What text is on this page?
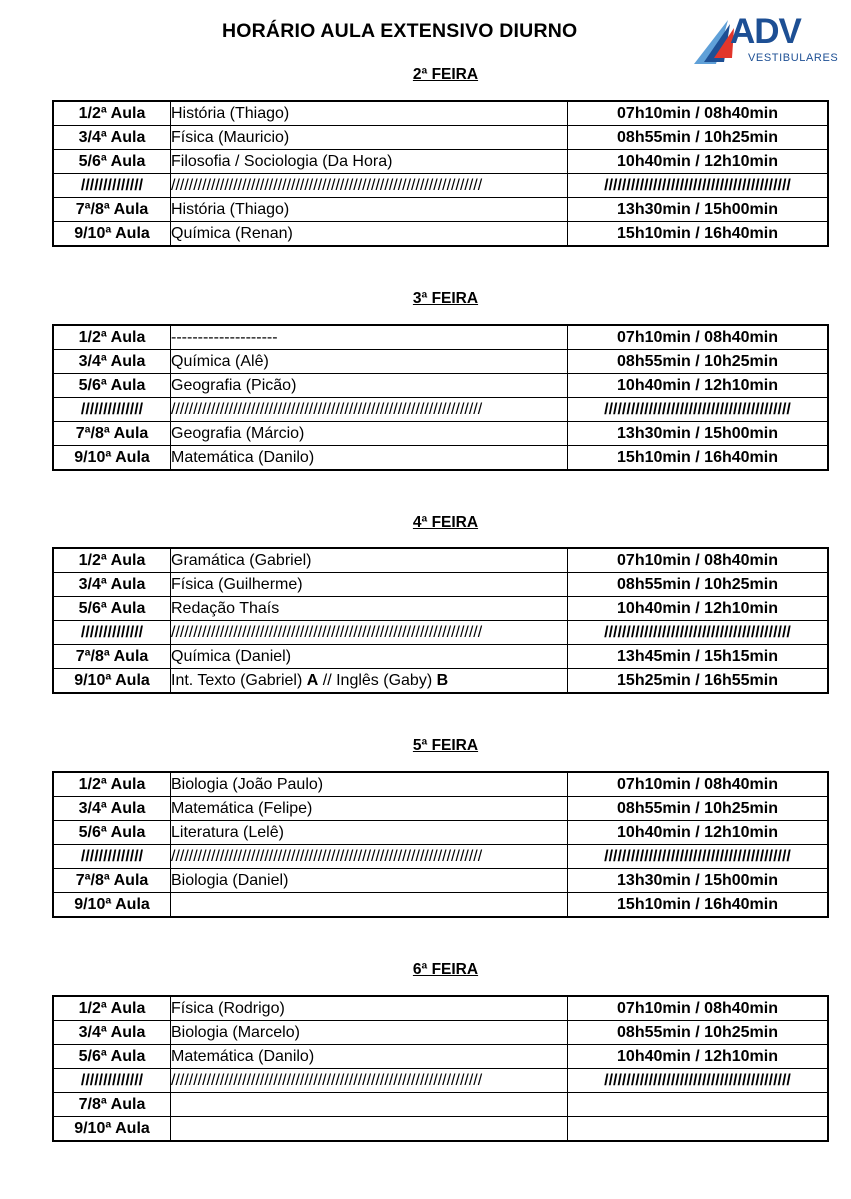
HORÁRIO AULA EXTENSIVO DIURNO	ADV
VESTIBULARES
2ª FEIRA
1/2ª Aula	História (Thiago)	07h10min / 08h40min
3/4ª Aula	Física (Mauricio)	08h55min / 10h25min
5/6ª Aula	Filosofia / Sociologia (Da Hora)	10h40min / 12h10min
//////////////	//////////////////////////////////////////////////////////////////////	//////////////////////////////////////////
7ª/8ª Aula	História (Thiago)	13h30min / 15h00min
9/10ª Aula	Química (Renan)	15h10min / 16h40min
3ª FEIRA
1/2ª Aula	--------------------	07h10min / 08h40min
3/4ª Aula	Química (Alê)	08h55min / 10h25min
5/6ª Aula	Geografia (Picão)	10h40min / 12h10min
//////////////	//////////////////////////////////////////////////////////////////////	//////////////////////////////////////////
7ª/8ª Aula	Geografia (Márcio)	13h30min / 15h00min
9/10ª Aula	Matemática (Danilo)	15h10min / 16h40min
4ª FEIRA
1/2ª Aula	Gramática (Gabriel)	07h10min / 08h40min
3/4ª Aula	Física (Guilherme)	08h55min / 10h25min
5/6ª Aula	Redação Thaís	10h40min / 12h10min
//////////////	//////////////////////////////////////////////////////////////////////	//////////////////////////////////////////
7ª/8ª Aula	Química (Daniel)	13h45min / 15h15min
9/10ª Aula	Int. Texto (Gabriel) A // Inglês (Gaby) B	15h25min / 16h55min
5ª FEIRA
1/2ª Aula	Biologia (João Paulo)	07h10min / 08h40min
3/4ª Aula	Matemática (Felipe)	08h55min / 10h25min
5/6ª Aula	Literatura (Lelê)	10h40min / 12h10min
//////////////	//////////////////////////////////////////////////////////////////////	//////////////////////////////////////////
7ª/8ª Aula	Biologia (Daniel)	13h30min / 15h00min
9/10ª Aula		15h10min / 16h40min
6ª FEIRA
1/2ª Aula	Física (Rodrigo)	07h10min / 08h40min
3/4ª Aula	Biologia (Marcelo)	08h55min / 10h25min
5/6ª Aula	Matemática (Danilo)	10h40min / 12h10min
//////////////	//////////////////////////////////////////////////////////////////////	//////////////////////////////////////////
7/8ª Aula		
9/10ª Aula		
